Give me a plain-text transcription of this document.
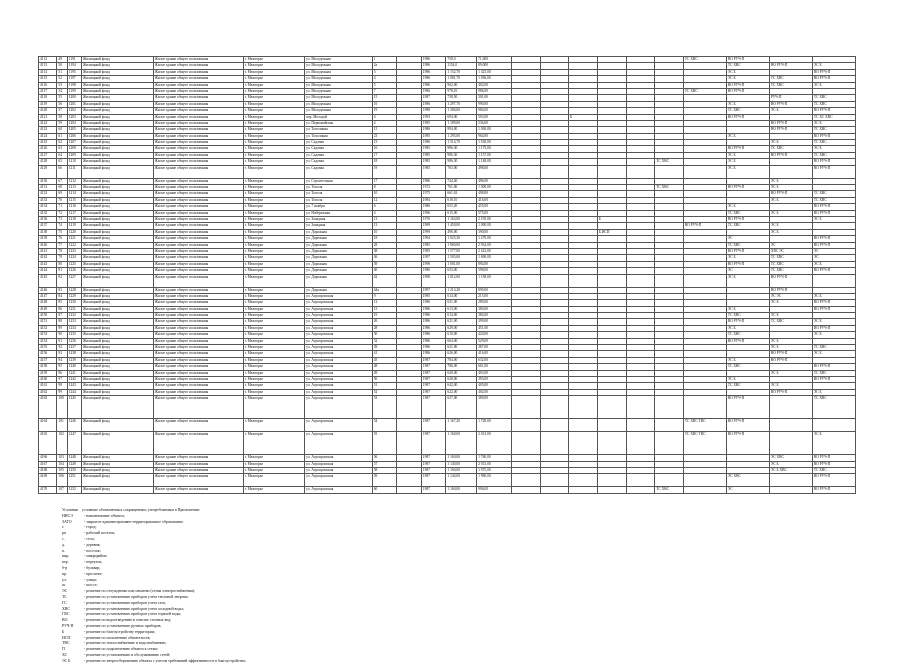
4112	49	1191	Жилищный фонд	Жилое здание общего пользования	г. Межгорье	ул. Молодежная	1		1986	758,0	71,000							ТС ХВС	ВО РУЧ-П		
4113	50	1194	Жилищный фонд	Жилое здание общего пользования	г. Межгорье	ул. Молодежная	2а		1986	1154,0	89,000								ТС ХВС	ВО РУЧ-П	ЭС Б
4114	51	1195	Жилищный фонд	Жилое здание общего пользования	г. Межгорье	ул. Молодежная	3		1986	1 152,70	1 325,00								ЭС Б		ВО РУЧ-П
4115	52	1197	Жилищный фонд	Жилое здание общего пользования	г. Межгорье	ул. Молодежная	4		1986	1 081,70	1 056,00								ЭС Б	ТС ХВС	ВО РУЧ-П
4116	53	1198	Жилищный фонд	Жилое здание общего пользования	г. Межгорье	ул. Молодежная	5		1986	962,00	402,00								ВО РУЧ-П	ТС ХВС	ЭС Б
4117	54	1199	Жилищный фонд	Жилое здание общего пользования	г. Межгорье	ул. Молодежная	7		1986	978,10	986,00							ТС ХВС	ВО РУЧ-П		
4118	55	1200	Жилищный фонд	Жилое здание общего пользования	г. Межгорье	ул. Молодежная	15		1987	738,50	301,00									РУЧ-П	ТС ХВС
4119	56	1201	Жилищный фонд	Жилое здание общего пользования	г. Межгорье	ул. Молодежная	16		1986	1 297,70	990,00								ЭС Б	ВО РУЧ-П	ТС ХВС
4120	57	1202	Жилищный фонд	Жилое здание общего пользования	г. Межгорье	ул. Молодежная	19		1988	1 306,00	984,00								ТС ХВС	ЭС Б	ВО РУЧ-П
4121	58	1203	Жилищный фонд	Жилое здание общего пользования	г. Межгорье	пер. Молодой	4		1993	694,00	503,00			Б					ВО РУЧ-П		ТС ХС ХВС
4122	59	1204	Жилищный фонд	Жилое здание общего пользования	г. Межгорье	ул. Первомайская	4		1985	1 189,00	536,00									ВО РУЧ-П	ЭС Б
4123	60	1205	Жилищный фонд	Жилое здание общего пользования	г. Межгорье	ул. Тополиная	15		1986	994,00	1 030,00									ВО РУЧ-П	ТС ХВС
4124	61	1206	Жилищный фонд	Жилое здание общего пользования	г. Межгорье	ул. Тополиная	23		1985	1 295,00	964,00								ЭС Б		ВО РУЧ-П
4125	62	1207	Жилищный фонд	Жилое здание общего пользования	г. Межгорье	ул. Садовая	15		1986	1 514,70	1 530,00									ЭС Б	ТС ХВС
4126	63	1208	Жилищный фонд	Жилое здание общего пользования	г. Межгорье	ул. Садовая	16		1985	986,30	1 175,00								ВО РУЧ-П	ТС ХВС	ЭС Б
4127	64	1209	Жилищный фонд	Жилое здание общего пользования	г. Межгорье	ул. Садовая	17		1985	986,30	1 157,00								ЭС Б	ВО РУЧ-П	ТС ХВС
4128	65	1210	Жилищный фонд	Жилое здание общего пользования	г. Межгорье	ул. Садовая	18		1985	986,30	1 148,00						ТС ХВС		ЭС Б		ВО РУЧ-П
4129	66	1211	Жилищный фонд	Жилое здание общего пользования	г. Межгорье	ул. Садовая	19		1985	763,00	498,00								ЭС Б		ВО РУЧ-П
4130	67	1212	Жилищный фонд	Жилое здание общего пользования	г. Межгорье	ул. Строительная	17		1986	744,40	496,00									ЭС Б	
4131	68	1213	Жилищный фонд	Жилое здание общего пользования	г. Межгорье	ул. Тополя	8		1972	761,00	1 000,00						ТС ХВС		ВО РУЧ-П	ЭС Б	
4132	69	1214	Жилищный фонд	Жилое здание общего пользования	г. Межгорье	ул. Тополя	10		1975	661,63	498,00									ВО РУЧ-П	ТС ХВС
4133	70	1215	Жилищный фонд	Жилое здание общего пользования	г. Межгорье	ул. Тополя	12		1984	618,10	416,00									ЭС Б	ТС ХВС
4134	71	1216	Жилищный фонд	Жилое здание общего пользования	г. Межгорье	ул. 7 ноября	6		1986	653,20	455,00								ЭС Б		ВО РУЧ-П
4135	72	1217	Жилищный фонд	Жилое здание общего пользования	г. Межгорье	ул. Набережная	4		1996	615,00	575,00								ТС ХВС	ЭС Б	ВО РУЧ-П
4136	73	1218	Жилищный фонд	Жилое здание общего пользования	г. Межгорье	ул. Западная	13		1976	1 163,00	2 195,00				Б				ВО РУЧ-П		ЭС Б
4137	74	1219	Жилищный фонд	Жилое здание общего пользования	г. Межгорье	ул. Западная	13		1989	1 450,00	1 000,00							ВО РУЧ-П	ТС ХВС	ЭС Б	
4138	75	1220	Жилищный фонд	Жилое здание общего пользования	г. Межгорье	ул. Дорожная	10		1999	496,00	390,00				Б ИСП					ЭС Б	
4139	76	1221	Жилищный фонд	Жилое здание общего пользования	г. Межгорье	ул. Дорожная	18		1994	1 025,30	1 270,00								ЭС		ВО РУЧ-П
4140	77	1222	Жилищный фонд	Жилое здание общего пользования	г. Межгорье	ул. Дорожная	28		1985	1 860,00	2 934,00								ТС ХВС	ЭС	ВО РУЧ-П
4141	78	1223	Жилищный фонд	Жилое здание общего пользования	г. Межгорье	ул. Дорожная	38		1985	1 577,00	2 423,00								ВО РУЧ-П	ХВС ЭС	ЭС
4142	79	1224	Жилищный фонд	Жилое здание общего пользования	г. Межгорье	ул. Дорожная	36		1997	1 503,00	1 690,00								ЭС Б	ТС ХВС	ЭС
4143	80	1225	Жилищный фонд	Жилое здание общего пользования	г. Межгорье	ул. Дорожная	39		1998	1 001,00	894,00								ВО РУЧ-П	ТС ХВС	ЭС Б
4144	81	1226	Жилищный фонд	Жилое здание общего пользования	г. Межгорье	ул. Дорожная	40		1986	633,00	598,00								ЭС	ТС ХВС	ВО РУЧ-П
4145	82	1227	Жилищный фонд	Жилое здание общего пользования	г. Межгорье	ул. Дорожная	42		1998	1 012,00	1 158,00								ЭС Б	ВО РУЧ-П	
4146	83	1228	Жилищный фонд	Жилое здание общего пользования	г. Межгорье	ул. Дорожная	44а		1997	1 214,20	890,00									ВО РУЧ-П	
4147	84	1229	Жилищный фонд	Жилое здание общего пользования	г. Межгорье	ул. Агропромская	9		1985	614,00	215,00									ЭС ЭС	ЭС Б
4148	85	1230	Жилищный фонд	Жилое здание общего пользования	г. Межгорье	ул. Агропромская	12		1986	631,00	289,00									ЭС Б	ВО РУЧ-П
4149	86	1231	Жилищный фонд	Жилое здание общего пользования	г. Межгорье	ул. Агропромская	15		1986	613,00	380,00								ЭС Б		ВО РУЧ-П
4150	87	1232	Жилищный фонд	Жилое здание общего пользования	г. Межгорье	ул. Агропромская	19		1986	614,00	384,00								ТС ХВС	ЭС Б	
4151	88	1233	Жилищный фонд	Жилое здание общего пользования	г. Межгорье	ул. Агропромская	26		1986	621,00	399,00								ВО РУЧ-П	ТС ХВС	ЭС Б
4152	89	1234	Жилищный фонд	Жилое здание общего пользования	г. Межгорье	ул. Агропромская	28		1986	629,00	451,00								ЭС Б		ВО РУЧ-П
4153	90	1235	Жилищный фонд	Жилое здание общего пользования	г. Межгорье	ул. Агропромская	30		1986	610,00	420,00								ТС ХВС		ЭС Б
4154	91	1236	Жилищный фонд	Жилое здание общего пользования	г. Межгорье	ул. Агропромская	32		1986	664,00	529,00								ВО РУЧ-П	ЭС Б	
4155	92	1237	Жилищный фонд	Жилое здание общего пользования	г. Межгорье	ул. Агропромская	39		1986	621,00	387,00									ЭС Б	ТС ХВС
4156	93	1238	Жилищный фонд	Жилое здание общего пользования	г. Межгорье	ул. Агропромская	41		1986	626,00	416,00									ВО РУЧ-П	ЭС Б
4157	94	1239	Жилищный фонд	Жилое здание общего пользования	г. Межгорье	ул. Агропромская	45		1987	784,00	632,00								ЭС Б	ВО РУЧ-П	
4158	95	1240	Жилищный фонд	Жилое здание общего пользования	г. Межгорье	ул. Агропромская	48		1987	786,00	661,00								ТС ХВС		ВО РУЧ-П
4159	96	1241	Жилищный фонд	Жилое здание общего пользования	г. Межгорье	ул. Агропромская	49		1987	620,00	403,00									ЭС Б	ТС ХВС
4160	97	1242	Жилищный фонд	Жилое здание общего пользования	г. Межгорье	ул. Агропромская	50		1987	628,00	393,00								ЭС Б		ВО РУЧ-П
4161	98	1243	Жилищный фонд	Жилое здание общего пользования	г. Межгорье	ул. Агропромская	51		1987	642,00	405,00								ТС ХВС	ЭС Б	
4162	99	1244	Жилищный фонд	Жилое здание общего пользования	г. Межгорье	ул. Агропромская	52		1987	622,00	402,00									ВО РУЧ-П	ЭС Б
4163	100	1245	Жилищный фонд	Жилое здание общего пользования	г. Межгорье	ул. Агропромская	53		1987	627,00	389,00								ВО РУЧ-П		ТС ХВС
4164	101	1246	Жилищный фонд	Жилое здание общего пользования	г. Межгорье	ул. Агропромская	54		1987	1 167,20	1 728,00							ТС ХВС ТВС	ВО РУЧ-П		
4165	102	1247	Жилищный фонд	Жилое здание общего пользования	г. Межгорье	ул. Агропромская	55		1987	1 160,00	2 013,00							ТС ХВС ТВС	ВО РУЧ-П		ЭС Б
4166	103	1248	Жилищный фонд	Жилое здание общего пользования	г. Межгорье	ул. Агропромская	56		1987	1 160,00	1 760,00									ЭС ХВС	ВО РУЧ-П
4167	104	1249	Жилищный фонд	Жилое здание общего пользования	г. Межгорье	ул. Агропромская	57		1987	1 140,00	2 013,00									ЭС Б	ВО РУЧ-П
4168	105	1250	Жилищный фонд	Жилое здание общего пользования	г. Межгорье	ул. Агропромская	58		1987	1 160,00	1 975,00									ЭС Б ХВС	ТС ХВС
4169	106	1251	Жилищный фонд	Жилое здание общего пользования	г. Межгорье	ул. Агропромская	59		1987	1 144,00	1 980,00								ЭС ХВС		ВО РУЧ-П
4170	107	1252	Жилищный фонд	Жилое здание общего пользования	г. Межгорье	ул. Агропромская	60		1987	1 160,00	996,00						ТС ХВС		ЭС		ВО РУЧ-П
Условные условные обозначения к сокращениям, употребляемым в Приложении:
НИСЭ	- наименование объекта;
ЗАТО	- закрытое административно-территориальное образование;
г.	- город;
рп	- рабочий поселок;
с.	- село;
д.	- деревня;
п.	- поселок;
мкр.	- микрорайон;
пер.	- переулок;
б-р	- бульвар;
пр.	- проспект;
ул.	- улица;
ш.	- шоссе;
ЭС	- решение по отчуждению или изъятию (сетям электроснабжения);
ТС	- решение по установлению приборов учета тепловой энергии;
ГС	- решение по установлению приборов учета газа;
ХВС	- решение по установлению приборов учета холодной воды;
ГВС	- решение по установлению приборов учета горячей воды;
ВО	- решение по водоотведению и очистке сточных вод;
РУЧ-П	- решение по установлению ручных приборов;
Б	- решение по благоустройству территории;
ИСП	- решение по исполнению обязательств;
ТВС	- решение по теплоснабжению и водоснабжению;
П	- решение по подключению объекта к сетям;
ХС	- решение по установлению и обслуживанию сетей;
ЭС Б	- решение по энергосбережению объекта с учетом требований эффективности и благоустройства;
